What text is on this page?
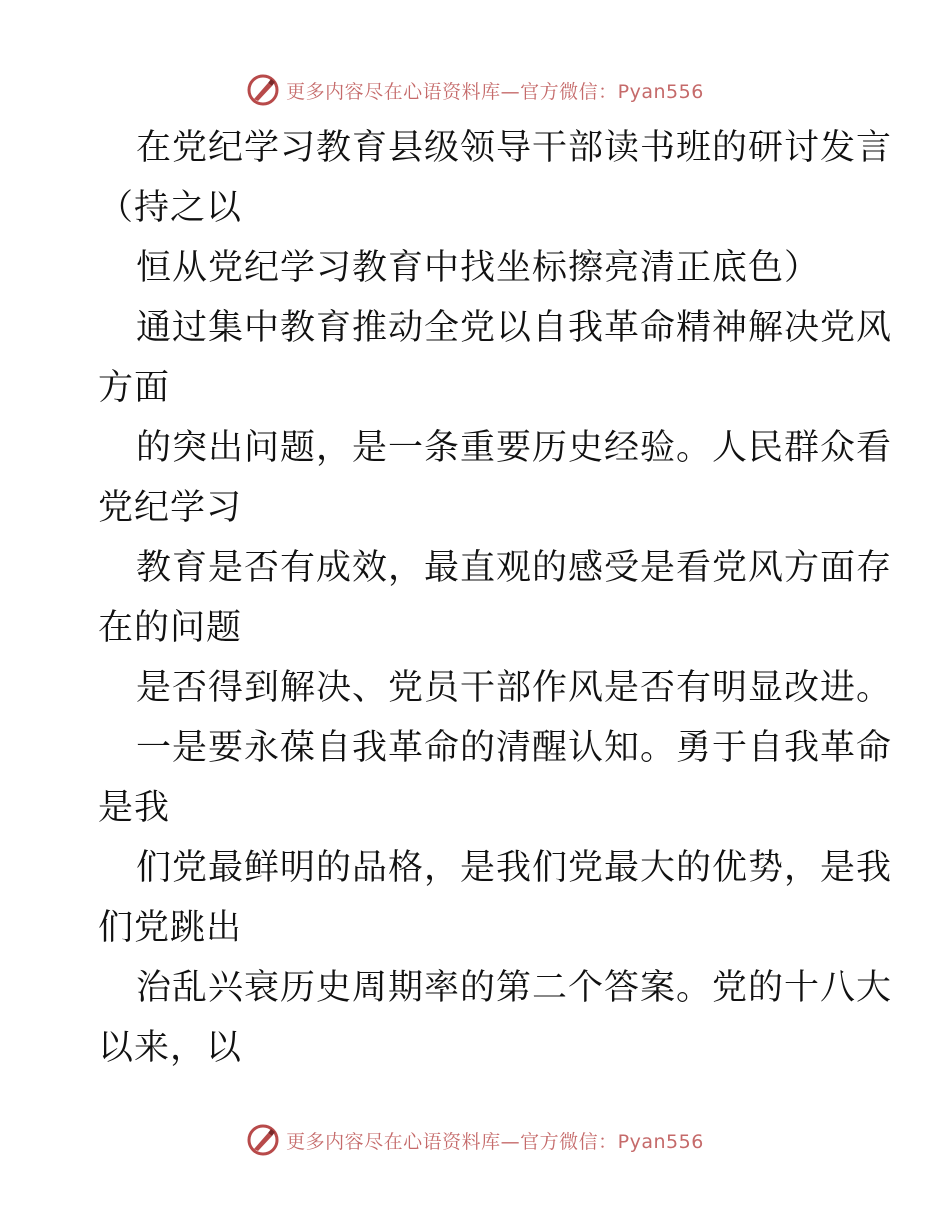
更多内容尽在心语资料库—官方微信：Pyan556
在党纪学习教育县级领导干部读书班的研讨发言
（持之以
恒从党纪学习教育中找坐标擦亮清正底色）
通过集中教育推动全党以自我革命精神解决党风
方面
的突出问题，是一条重要历史经验。人民群众看
党纪学习
教育是否有成效，最直观的感受是看党风方面存
在的问题
是否得到解决、党员干部作风是否有明显改进。
一是要永葆自我革命的清醒认知。勇于自我革命
是我
们党最鲜明的品格，是我们党最大的优势，是我
们党跳出
治乱兴衰历史周期率的第二个答案。党的十八大
以来，以
更多内容尽在心语资料库—官方微信：Pyan556
